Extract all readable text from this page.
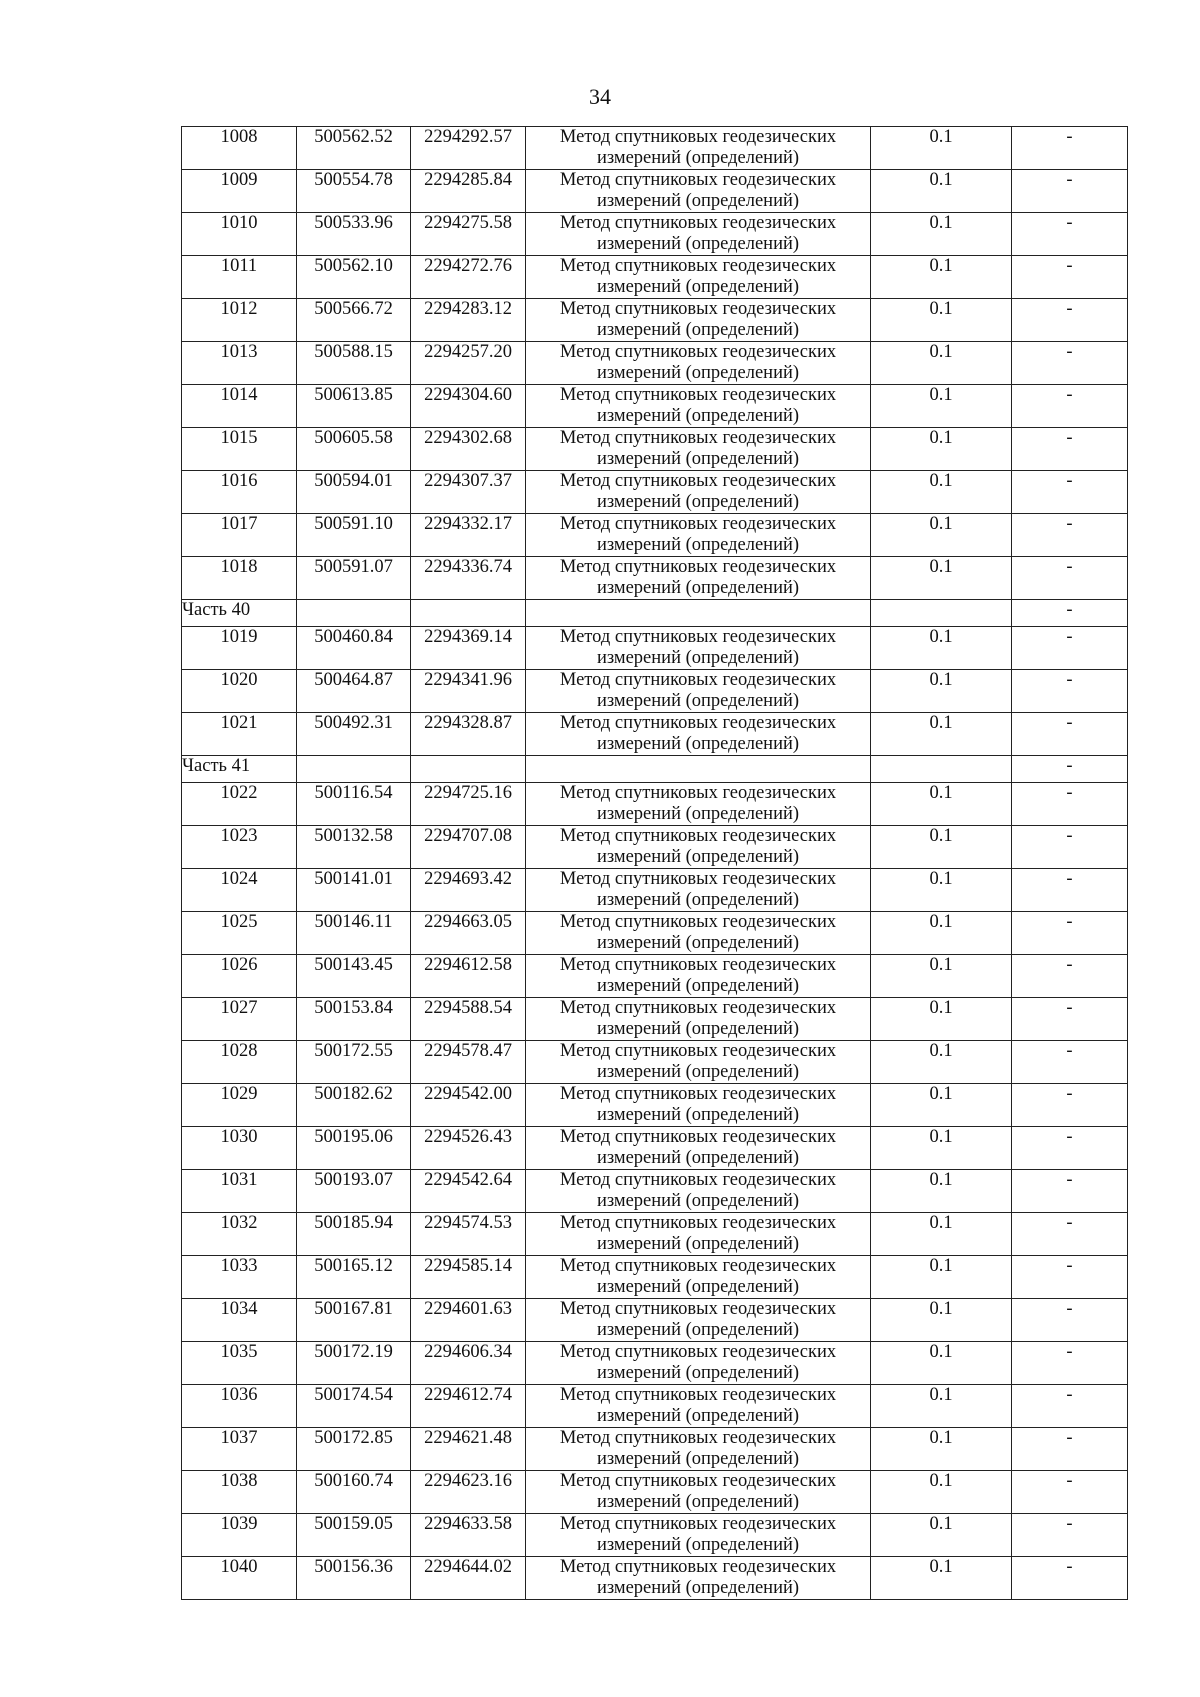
34
1008	500562.52	2294292.57	Метод спутниковых геодезических измерений (определений)	0.1	-
1009	500554.78	2294285.84	Метод спутниковых геодезических измерений (определений)	0.1	-
1010	500533.96	2294275.58	Метод спутниковых геодезических измерений (определений)	0.1	-
1011	500562.10	2294272.76	Метод спутниковых геодезических измерений (определений)	0.1	-
1012	500566.72	2294283.12	Метод спутниковых геодезических измерений (определений)	0.1	-
1013	500588.15	2294257.20	Метод спутниковых геодезических измерений (определений)	0.1	-
1014	500613.85	2294304.60	Метод спутниковых геодезических измерений (определений)	0.1	-
1015	500605.58	2294302.68	Метод спутниковых геодезических измерений (определений)	0.1	-
1016	500594.01	2294307.37	Метод спутниковых геодезических измерений (определений)	0.1	-
1017	500591.10	2294332.17	Метод спутниковых геодезических измерений (определений)	0.1	-
1018	500591.07	2294336.74	Метод спутниковых геодезических измерений (определений)	0.1	-
Часть 40					-
1019	500460.84	2294369.14	Метод спутниковых геодезических измерений (определений)	0.1	-
1020	500464.87	2294341.96	Метод спутниковых геодезических измерений (определений)	0.1	-
1021	500492.31	2294328.87	Метод спутниковых геодезических измерений (определений)	0.1	-
Часть 41					-
1022	500116.54	2294725.16	Метод спутниковых геодезических измерений (определений)	0.1	-
1023	500132.58	2294707.08	Метод спутниковых геодезических измерений (определений)	0.1	-
1024	500141.01	2294693.42	Метод спутниковых геодезических измерений (определений)	0.1	-
1025	500146.11	2294663.05	Метод спутниковых геодезических измерений (определений)	0.1	-
1026	500143.45	2294612.58	Метод спутниковых геодезических измерений (определений)	0.1	-
1027	500153.84	2294588.54	Метод спутниковых геодезических измерений (определений)	0.1	-
1028	500172.55	2294578.47	Метод спутниковых геодезических измерений (определений)	0.1	-
1029	500182.62	2294542.00	Метод спутниковых геодезических измерений (определений)	0.1	-
1030	500195.06	2294526.43	Метод спутниковых геодезических измерений (определений)	0.1	-
1031	500193.07	2294542.64	Метод спутниковых геодезических измерений (определений)	0.1	-
1032	500185.94	2294574.53	Метод спутниковых геодезических измерений (определений)	0.1	-
1033	500165.12	2294585.14	Метод спутниковых геодезических измерений (определений)	0.1	-
1034	500167.81	2294601.63	Метод спутниковых геодезических измерений (определений)	0.1	-
1035	500172.19	2294606.34	Метод спутниковых геодезических измерений (определений)	0.1	-
1036	500174.54	2294612.74	Метод спутниковых геодезических измерений (определений)	0.1	-
1037	500172.85	2294621.48	Метод спутниковых геодезических измерений (определений)	0.1	-
1038	500160.74	2294623.16	Метод спутниковых геодезических измерений (определений)	0.1	-
1039	500159.05	2294633.58	Метод спутниковых геодезических измерений (определений)	0.1	-
1040	500156.36	2294644.02	Метод спутниковых геодезических измерений (определений)	0.1	-
